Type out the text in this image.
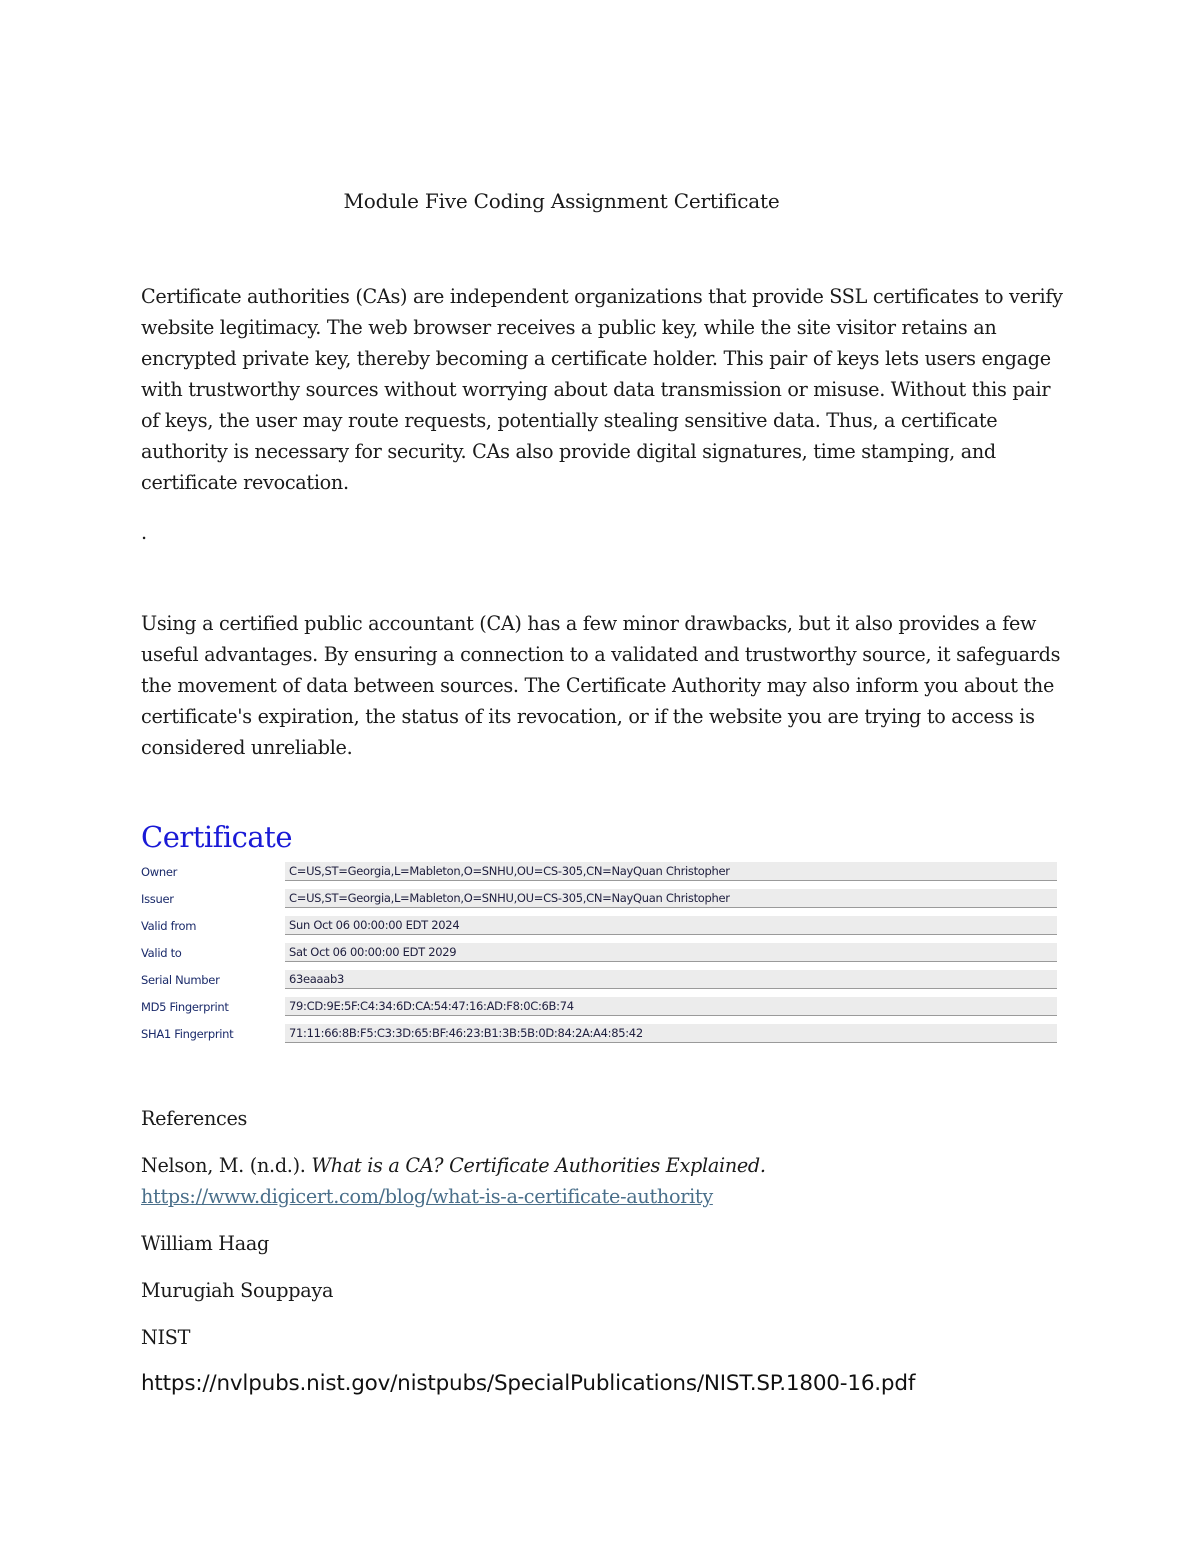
Module Five Coding Assignment Certificate

Certificate authorities (CAs) are independent organizations that provide SSL certificates to verify website legitimacy. The web browser receives a public key, while the site visitor retains an encrypted private key, thereby becoming a certificate holder. This pair of keys lets users engage with trustworthy sources without worrying about data transmission or misuse. Without this pair of keys, the user may route requests, potentially stealing sensitive data. Thus, a certificate authority is necessary for security. CAs also provide digital signatures, time stamping, and certificate revocation.

.

Using a certified public accountant (CA) has a few minor drawbacks, but it also provides a few useful advantages. By ensuring a connection to a validated and trustworthy source, it safeguards the movement of data between sources. The Certificate Authority may also inform you about the certificate's expiration, the status of its revocation, or if the website you are trying to access is considered unreliable.

Certificate
Owner	C=US,ST=Georgia,L=Mableton,O=SNHU,OU=CS-305,CN=NayQuan Christopher
Issuer	C=US,ST=Georgia,L=Mableton,O=SNHU,OU=CS-305,CN=NayQuan Christopher
Valid from	Sun Oct 06 00:00:00 EDT 2024
Valid to	Sat Oct 06 00:00:00 EDT 2029
Serial Number	63eaaab3
MD5 Fingerprint	79:CD:9E:5F:C4:34:6D:CA:54:47:16:AD:F8:0C:6B:74
SHA1 Fingerprint	71:11:66:8B:F5:C3:3D:65:BF:46:23:B1:3B:5B:0D:84:2A:A4:85:42
References
Nelson, M. (n.d.). What is a CA? Certificate Authorities Explained.
https://www.digicert.com/blog/what-is-a-certificate-authority
William Haag
Murugiah Souppaya
NIST
https://nvlpubs.nist.gov/nistpubs/SpecialPublications/NIST.SP.1800-16.pdf
